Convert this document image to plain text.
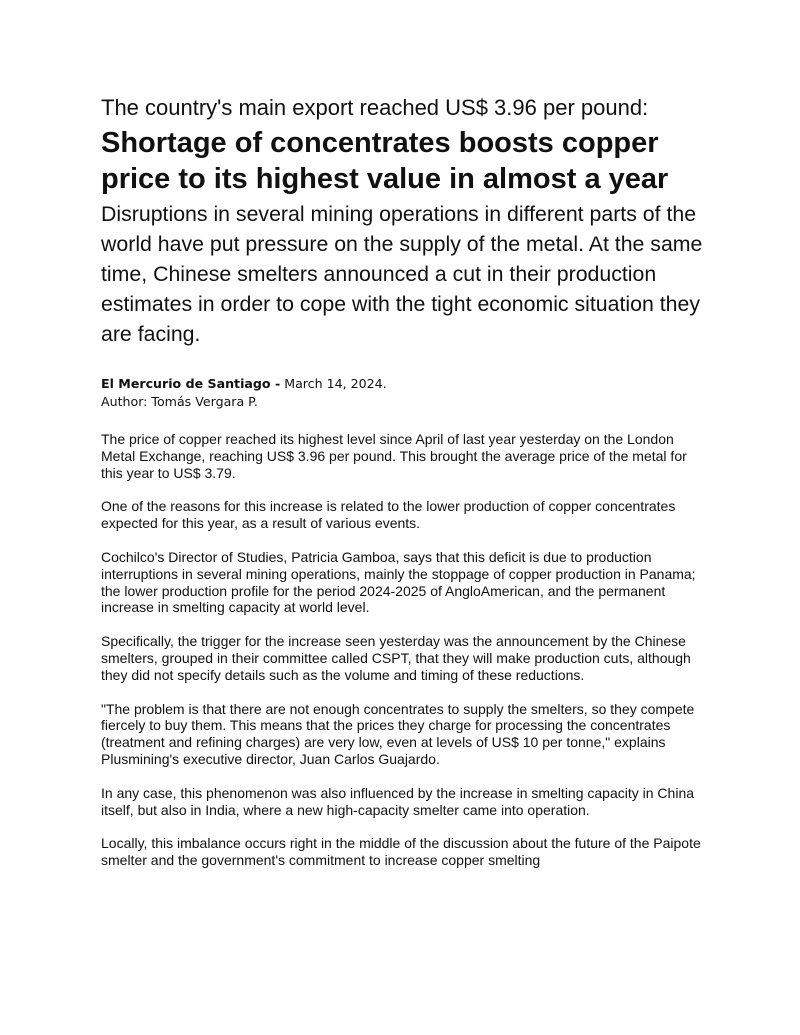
The country's main export reached US$ 3.96 per pound:
Shortage of concentrates boosts copper price to its highest value in almost a year
Disruptions in several mining operations in different parts of the world have put pressure on the supply of the metal. At the same time, Chinese smelters announced a cut in their production estimates in order to cope with the tight economic situation they are facing.
El Mercurio de Santiago - March 14, 2024.
Author: Tomás Vergara P.

The price of copper reached its highest level since April of last year yesterday on the London Metal Exchange, reaching US$ 3.96 per pound. This brought the average price of the metal for this year to US$ 3.79.

One of the reasons for this increase is related to the lower production of copper concentrates expected for this year, as a result of various events.

Cochilco's Director of Studies, Patricia Gamboa, says that this deficit is due to production interruptions in several mining operations, mainly the stoppage of copper production in Panama; the lower production profile for the period 2024-2025 of AngloAmerican, and the permanent increase in smelting capacity at world level.

Specifically, the trigger for the increase seen yesterday was the announcement by the Chinese smelters, grouped in their committee called CSPT, that they will make production cuts, although they did not specify details such as the volume and timing of these reductions.

"The problem is that there are not enough concentrates to supply the smelters, so they compete fiercely to buy them. This means that the prices they charge for processing the concentrates (treatment and refining charges) are very low, even at levels of US$ 10 per tonne," explains Plusmining's executive director, Juan Carlos Guajardo.

In any case, this phenomenon was also influenced by the increase in smelting capacity in China itself, but also in India, where a new high-capacity smelter came into operation.

Locally, this imbalance occurs right in the middle of the discussion about the future of the Paipote smelter and the government's commitment to increase copper smelting
